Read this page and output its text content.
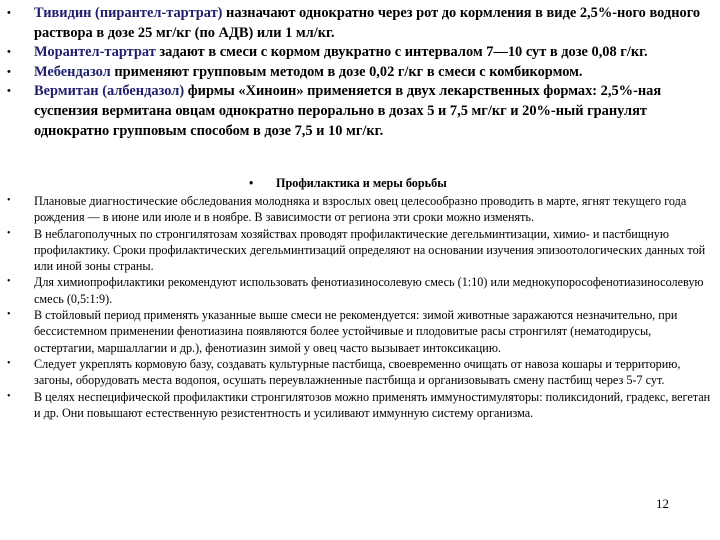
• Тивидин (пирантел-тартрат) назначают однократно через рот до кормления в виде 2,5%-ного водного раствора в дозе 25 мг/кг (по АДВ) или 1 мл/кг.
• Морантел-тартрат задают в смеси с кормом двукратно с интервалом 7—10 сут в дозе 0,08 г/кг.
• Мебендазол применяют групповым методом в дозе 0,02 г/кг в смеси с комбикормом.
• Вермитан (албендазол) фирмы «Хиноин» применяется в двух лекарственных формах: 2,5%-ная суспензия вермитана овцам однократно перорально в дозах 5 и 7,5 мг/кг и 20%-ный гранулят однократно групповым способом в дозе 7,5 и 10 мг/кг.
• Профилактика и меры борьбы
• Плановые диагностические обследования молодняка и взрослых овец целесообразно проводить в марте, ягнят текущего года рождения — в июне или июле и в ноябре. В зависимости от региона эти сроки можно изменять.
• В неблагополучных по стронгилятозам хозяйствах проводят профилактические дегельминтизации, химио- и пастбищную профилактику. Сроки профилактических дегельминтизаций определяют на основании изучения эпизоотологических данных той или иной зоны страны.
• Для химиопрофилактики рекомендуют использовать фенотиазиносолевую смесь (1:10) или меднокупорософенотиазиносолевую смесь (0,5:1:9).
• В стойловый период применять указанные выше смеси не рекомендуется: зимой животные заражаются незначительно, при бессистемном применении фенотиазина появляются более устойчивые и плодовитые расы стронгилят (нематодирусы, остертагии, маршаллагии и др.), фенотиазин зимой у овец часто вызывает интоксикацию.
• Следует укреплять кормовую базу, создавать культурные пастбища, своевременно очищать от навоза кошары и территорию, загоны, оборудовать места водопоя, осушать переувлажненные пастбища и организовывать смену пастбищ через 5-7 сут.
• В целях неспецифической профилактики стронгилятозов можно применять иммуностимуляторы: поликсидоний, градекс, вегетан и др. Они повышают естественную резистентность и усиливают иммунную систему организма.
12
